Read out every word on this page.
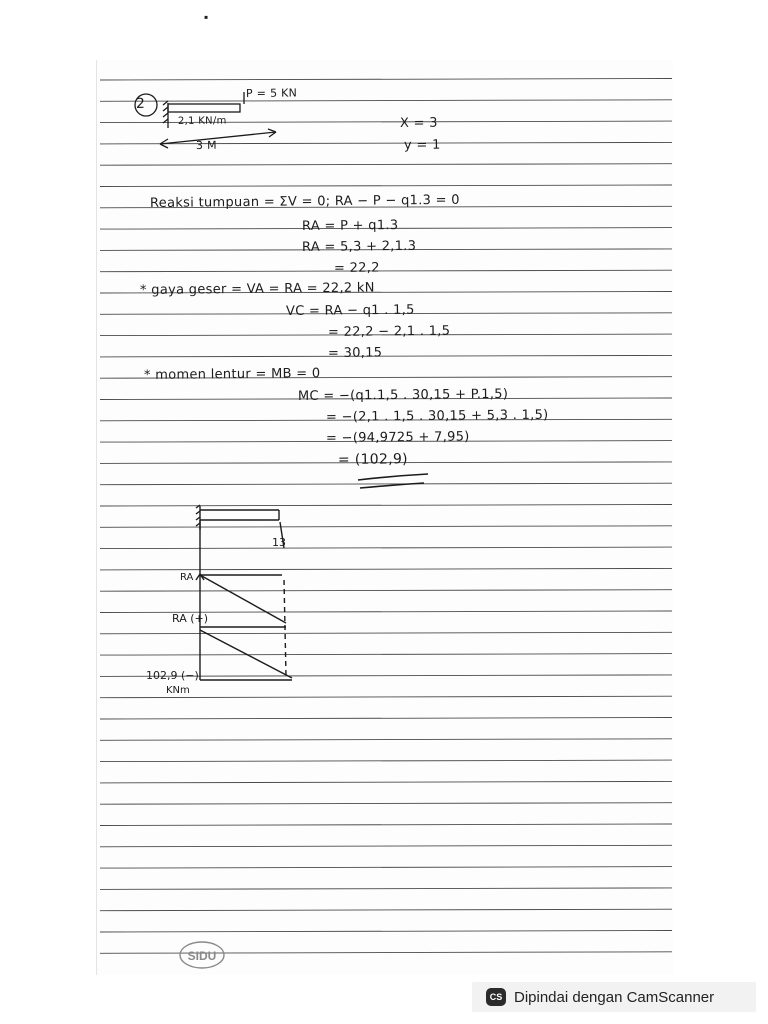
▪
2
P = 5 KN
2,1 KN/m
3 M
X = 3
y = 1
Reaksi tumpuan = ΣV = 0; RA − P − q1.3 = 0
RA = P + q1.3
RA = 5,3 + 2,1.3
= 22,2
* gaya geser = VA = RA = 22,2 kN
VC = RA − q1 . 1,5
= 22,2 − 2,1 . 1,5
= 30,15
* momen lentur = MB = 0
MC = −(q1.1,5 . 30,15 + P.1,5)
= −(2,1 . 1,5 . 30,15 + 5,3 . 1,5)
= −(94,9725 + 7,95)
= (102,9)
13
RA
RA (+)
102,9 (−)
KNm
SIDU
CS Dipindai dengan CamScanner
